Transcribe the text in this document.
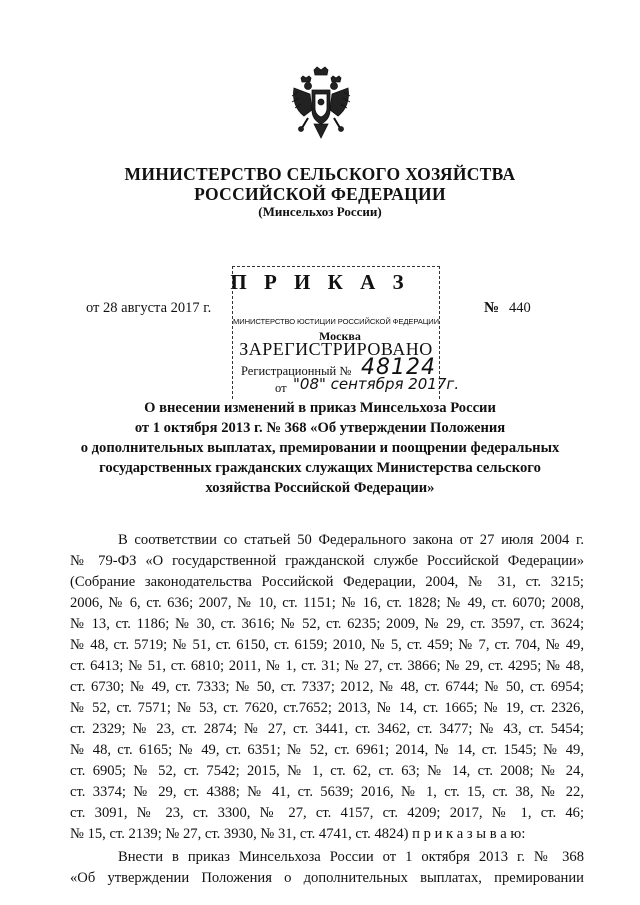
МИНИСТЕРСТВО СЕЛЬСКОГО ХОЗЯЙСТВА
РОССИЙСКОЙ ФЕДЕРАЦИИ
(Минсельхоз России)
П Р И К А З
от 28 августа 2017 г.	№ 440
МИНИСТЕРСТВО ЮСТИЦИИ РОССИЙСКОЙ ФЕДЕРАЦИИ
Москва
ЗАРЕГИСТРИРОВАНО
Регистрационный № 48124
от "08" сентября 2017г.
О внесении изменений в приказ Минсельхоза России
от 1 октября 2013 г. № 368 «Об утверждении Положения
о дополнительных выплатах, премировании и поощрении федеральных
государственных гражданских служащих Министерства сельского
хозяйства Российской Федерации»
В соответствии со статьей 50 Федерального закона от 27 июля 2004 г.
№ 79-ФЗ «О государственной гражданской службе Российской Федерации»
(Собрание законодательства Российской Федерации, 2004, № 31, ст. 3215;
2006, № 6, ст. 636; 2007, № 10, ст. 1151; № 16, ст. 1828; № 49, ст. 6070; 2008,
№ 13, ст. 1186; № 30, ст. 3616; № 52, ст. 6235; 2009, № 29, ст. 3597, ст. 3624;
№ 48, ст. 5719; № 51, ст. 6150, ст. 6159; 2010, № 5, ст. 459; № 7, ст. 704, № 49,
ст. 6413; № 51, ст. 6810; 2011, № 1, ст. 31; № 27, ст. 3866; № 29, ст. 4295; № 48,
ст. 6730; № 49, ст. 7333; № 50, ст. 7337; 2012, № 48, ст. 6744; № 50, ст. 6954;
№ 52, ст. 7571; № 53, ст. 7620, ст.7652; 2013, № 14, ст. 1665; № 19, ст. 2326,
ст. 2329; № 23, ст. 2874; № 27, ст. 3441, ст. 3462, ст. 3477; № 43, ст. 5454;
№ 48, ст. 6165; № 49, ст. 6351; № 52, ст. 6961; 2014, № 14, ст. 1545; № 49,
ст. 6905; № 52, ст. 7542; 2015, № 1, ст. 62, ст. 63; № 14, ст. 2008; № 24,
ст. 3374; № 29, ст. 4388; № 41, ст. 5639; 2016, № 1, ст. 15, ст. 38, № 22,
ст. 3091, № 23, ст. 3300, № 27, ст. 4157, ст. 4209; 2017, № 1, ст. 46;
№ 15, ст. 2139; № 27, ст. 3930, № 31, ст. 4741, ст. 4824) п р и к а з ы в а ю:
Внести в приказ Минсельхоза России от 1 октября 2013 г. № 368
«Об утверждении Положения о дополнительных выплатах, премировании
